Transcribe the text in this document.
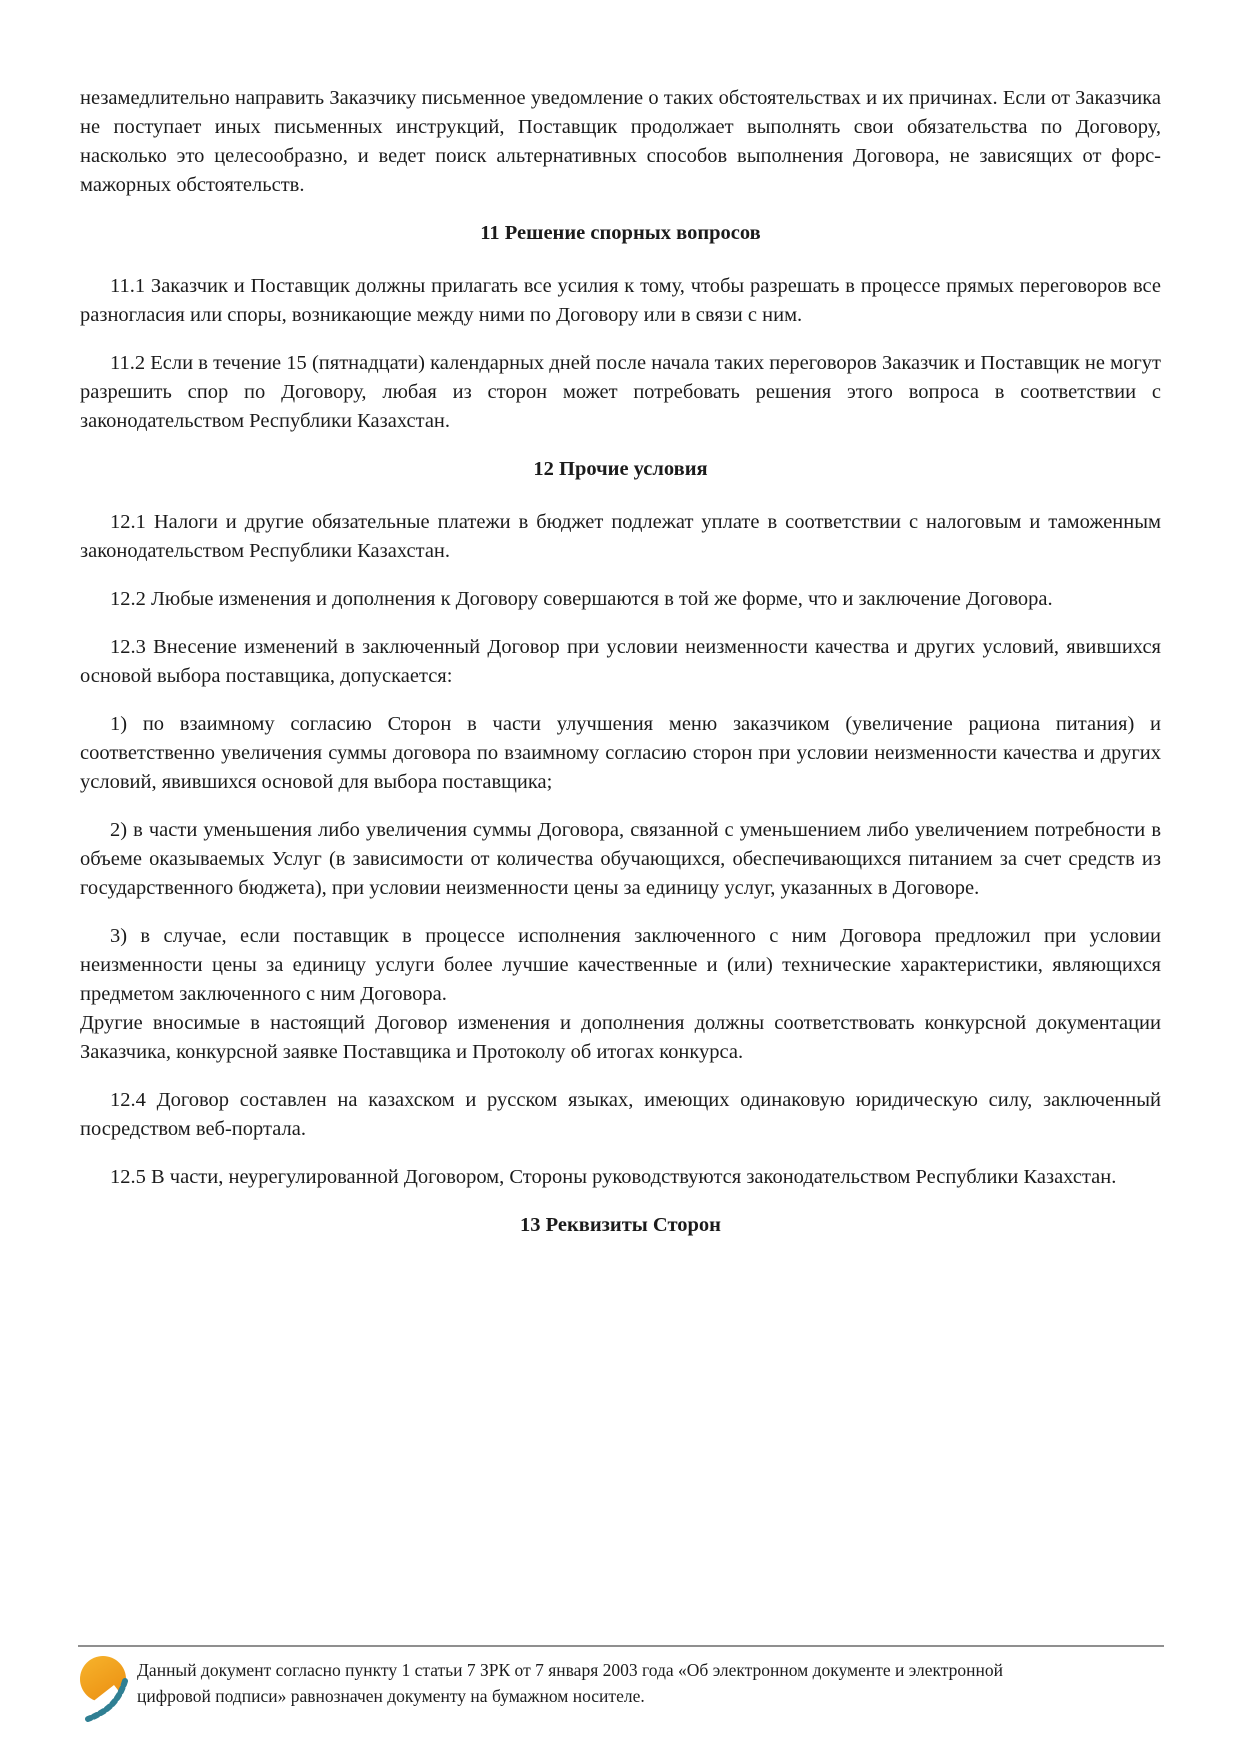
незамедлительно направить Заказчику письменное уведомление о таких обстоятельствах и их причинах. Если от Заказчика не поступает иных письменных инструкций, Поставщик продолжает выполнять свои обязательства по Договору, насколько это целесообразно, и ведет поиск альтернативных способов выполнения Договора, не зависящих от форс-мажорных обстоятельств.

11 Решение спорных вопросов

11.1 Заказчик и Поставщик должны прилагать все усилия к тому, чтобы разрешать в процессе прямых переговоров все разногласия или споры, возникающие между ними по Договору или в связи с ним.

11.2 Если в течение 15 (пятнадцати) календарных дней после начала таких переговоров Заказчик и Поставщик не могут разрешить спор по Договору, любая из сторон может потребовать решения этого вопроса в соответствии с законодательством Республики Казахстан.

12 Прочие условия

12.1 Налоги и другие обязательные платежи в бюджет подлежат уплате в соответствии с налоговым и таможенным законодательством Республики Казахстан.

12.2 Любые изменения и дополнения к Договору совершаются в той же форме, что и заключение Договора.

12.3 Внесение изменений в заключенный Договор при условии неизменности качества и других условий, явившихся основой выбора поставщика, допускается:

1) по взаимному согласию Сторон в части улучшения меню заказчиком (увеличение рациона питания) и соответственно увеличения суммы договора по взаимному согласию сторон при условии неизменности качества и других условий, явившихся основой для выбора поставщика;

2) в части уменьшения либо увеличения суммы Договора, связанной с уменьшением либо увеличением потребности в объеме оказываемых Услуг (в зависимости от количества обучающихся, обеспечивающихся питанием за счет средств из государственного бюджета), при условии неизменности цены за единицу услуг, указанных в Договоре.

3) в случае, если поставщик в процессе исполнения заключенного с ним Договора предложил при условии неизменности цены за единицу услуги более лучшие качественные и (или) технические характеристики, являющихся предметом заключенного с ним Договора.

Другие вносимые в настоящий Договор изменения и дополнения должны соответствовать конкурсной документации Заказчика, конкурсной заявке Поставщика и Протоколу об итогах конкурса.

12.4 Договор составлен на казахском и русском языках, имеющих одинаковую юридическую силу, заключенный посредством веб-портала.

12.5 В части, неурегулированной Договором, Стороны руководствуются законодательством Республики Казахстан.

13 Реквизиты Сторон

Данный документ согласно пункту 1 статьи 7 ЗРК от 7 января 2003 года «Об электронном документе и электронной цифровой подписи» равнозначен документу на бумажном носителе.
